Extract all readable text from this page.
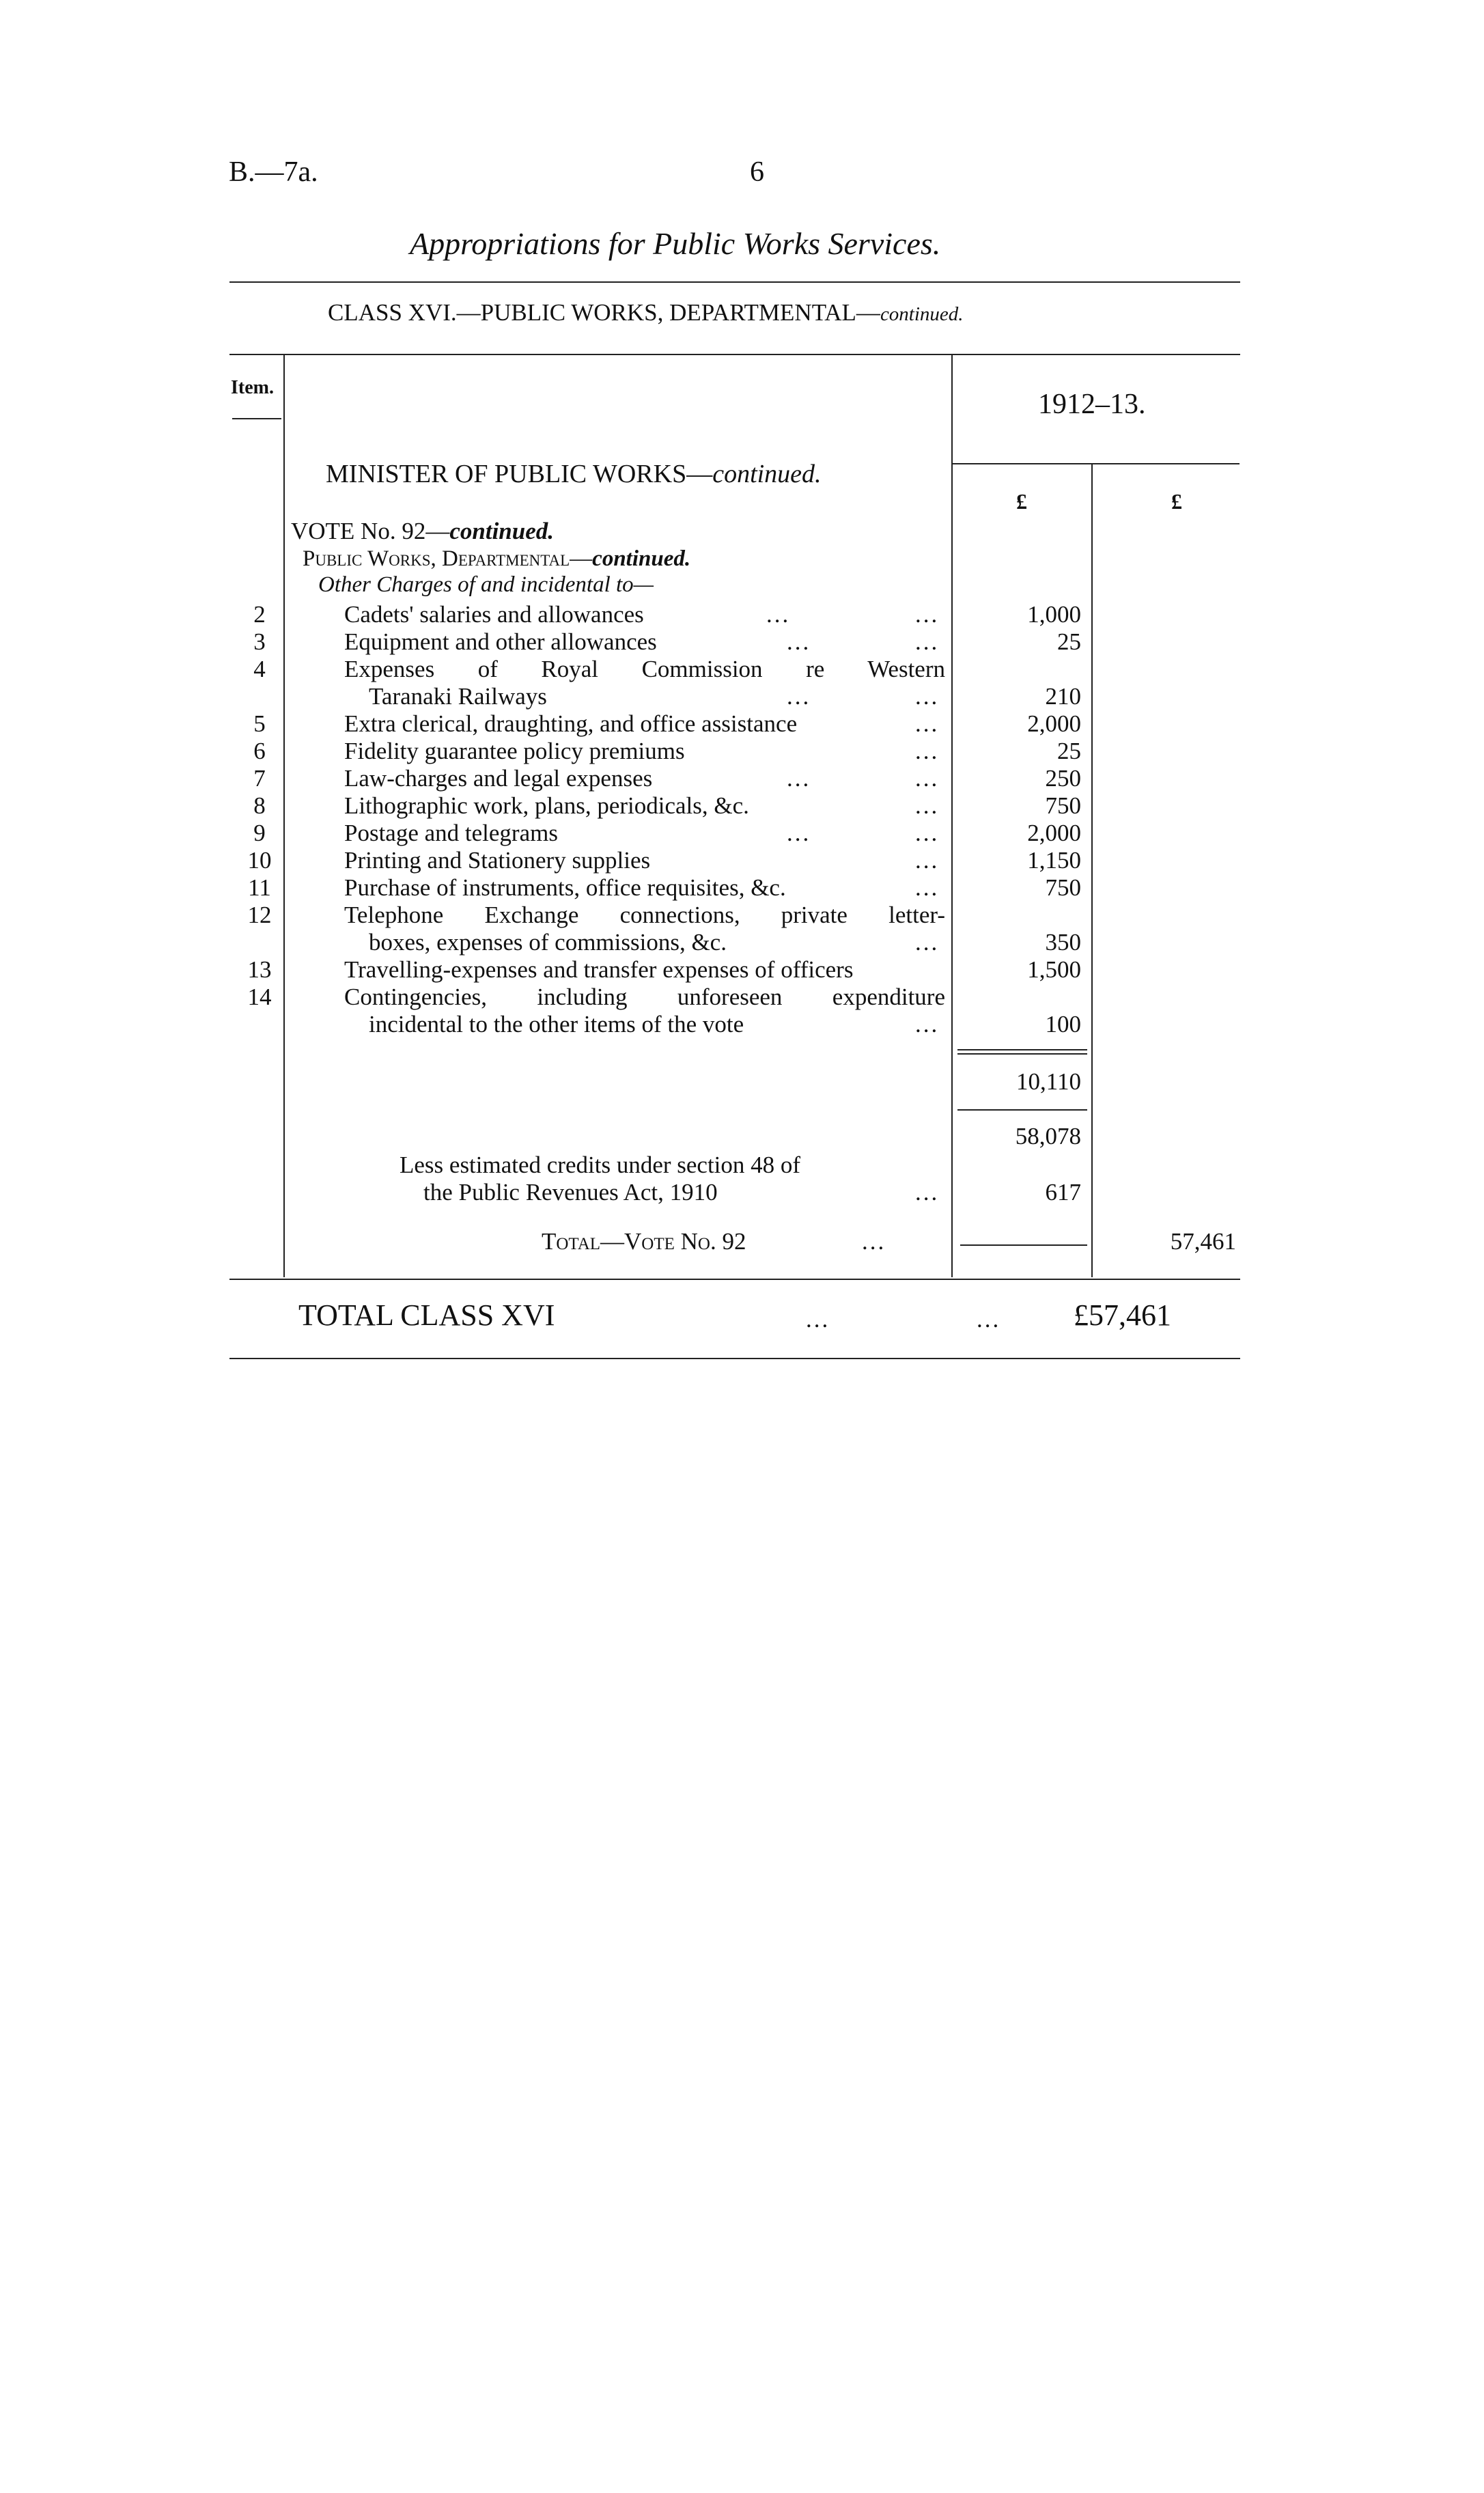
B.—7a.	6
Appropriations for Public Works Services.
CLASS XVI.—PUBLIC WORKS, DEPARTMENTAL—continued.
Item.
1912–13.
£	£
MINISTER OF PUBLIC WORKS—continued.
VOTE No. 92—continued.
Public Works, Departmental—continued.
Other Charges of and incidental to—
2	Cadets' salaries and allowances	...	...	1,000
3	Equipment and other allowances	...	...	25
4	Expenses of Royal Commission re Western
Taranaki Railways	...	...	210
5	Extra clerical, draughting, and office assistance	...	2,000
6	Fidelity guarantee policy premiums	...	25
7	Law-charges and legal expenses	...	...	250
8	Lithographic work, plans, periodicals, &c.	...	750
9	Postage and telegrams	...	...	2,000
10	Printing and Stationery supplies	...	1,150
11	Purchase of instruments, office requisites, &c.	...	750
12	Telephone Exchange connections, private letter-
boxes, expenses of commissions, &c.	...	350
13	Travelling-expenses and transfer expenses of officers	1,500
14	Contingencies, including unforeseen expenditure
incidental to the other items of the vote	...	100
10,110
58,078
Less estimated credits under section 48 of
the Public Revenues Act, 1910	...	617
Total—Vote No. 92	...	57,461
TOTAL CLASS XVI	...	... £57,461
